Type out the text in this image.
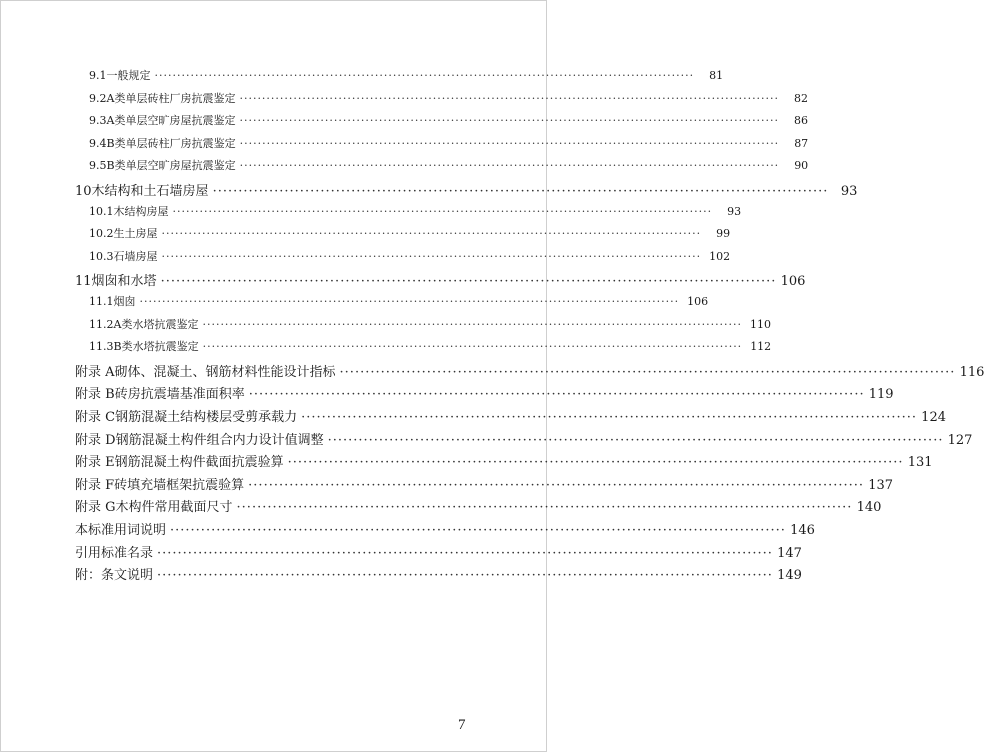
9.1 一般规定 ························································································································	81
9.2 A类单层砖柱厂房抗震鉴定 ························································································································	82
9.3 A类单层空旷房屋抗震鉴定 ························································································································	86
9.4 B类单层砖柱厂房抗震鉴定 ························································································································	87
9.5 B类单层空旷房屋抗震鉴定 ························································································································	90
10 木结构和土石墙房屋 ························································································································ 93
10.1 木结构房屋 ························································································································	93
10.2 生土房屋 ························································································································	99
10.3 石墙房屋 ························································································································ 102
11 烟囱和水塔 ························································································································ 106
11.1 烟囱 ························································································································ 106
11.2 A类水塔抗震鉴定 ························································································································ 110
11.3 B类水塔抗震鉴定 ························································································································ 112
附录 A 砌体、混凝土、钢筋材料性能设计指标 ························································································································ 116
附录 B 砖房抗震墙基准面积率 ························································································································ 119
附录 C 钢筋混凝土结构楼层受剪承载力 ························································································································ 124
附录 D 钢筋混凝土构件组合内力设计值调整 ························································································································ 127
附录 E 钢筋混凝土构件截面抗震验算 ························································································································ 131
附录 F 砖填充墙框架抗震验算 ························································································································ 137
附录 G 木构件常用截面尺寸 ························································································································ 140
本标准用词说明 ························································································································ 146
引用标准名录 ························································································································ 147
附：条文说明 ························································································································ 149
7
